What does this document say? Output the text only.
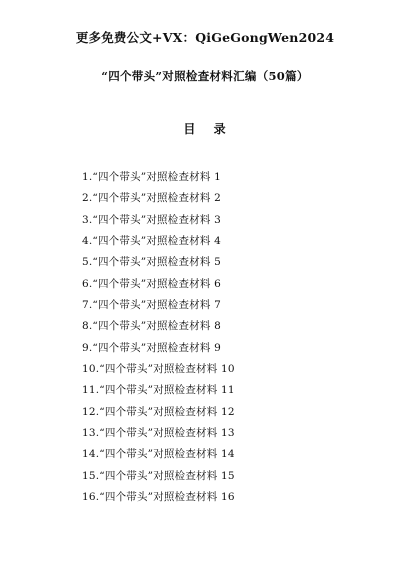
更多免费公文+VX：QiGeGongWen2024
“四个带头”对照检查材料汇编（50篇）
目 录
1.“四个带头”对照检查材料 1
2.“四个带头”对照检查材料 2
3.“四个带头”对照检查材料 3
4.“四个带头”对照检查材料 4
5.“四个带头”对照检查材料 5
6.“四个带头”对照检查材料 6
7.“四个带头”对照检查材料 7
8.“四个带头”对照检查材料 8
9.“四个带头”对照检查材料 9
10.“四个带头”对照检查材料 10
11.“四个带头”对照检查材料 11
12.“四个带头”对照检查材料 12
13.“四个带头”对照检查材料 13
14.“四个带头”对照检查材料 14
15.“四个带头”对照检查材料 15
16.“四个带头”对照检查材料 16
